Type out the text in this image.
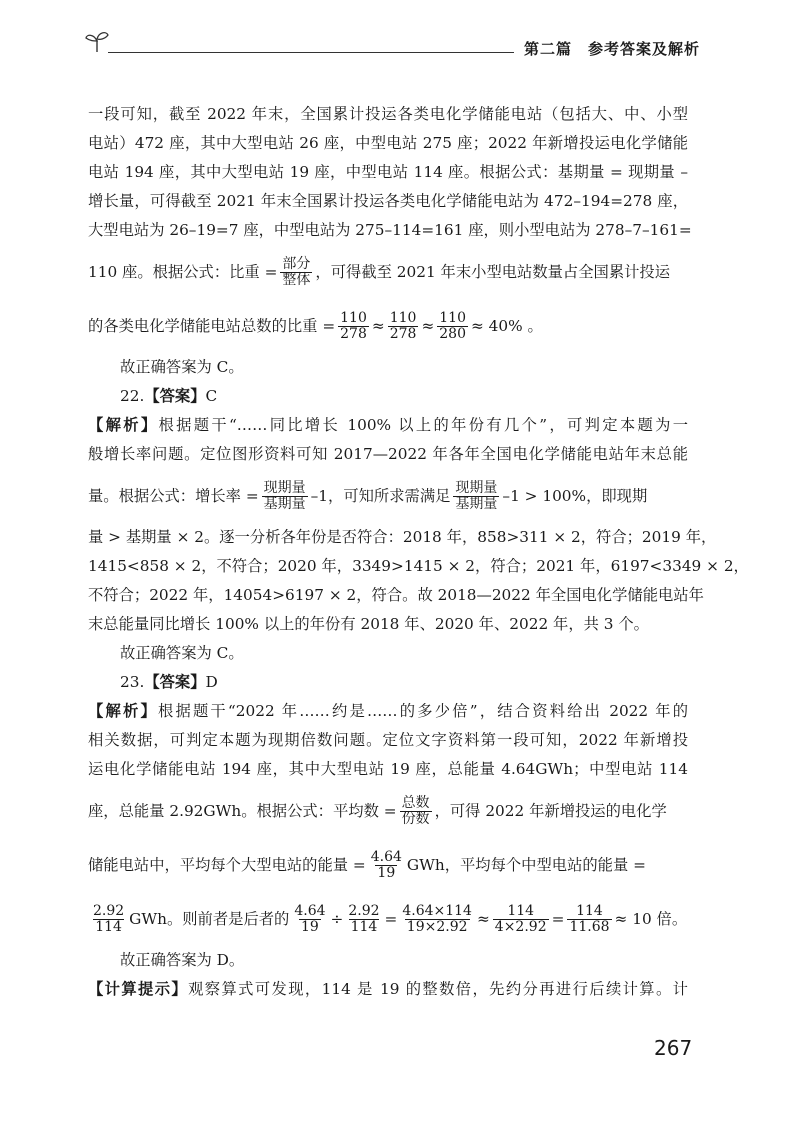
第二篇　参考答案及解析
一段可知，截至 2022 年末，全国累计投运各类电化学储能电站（包括大、中、小型
电站）472 座，其中大型电站 26 座，中型电站 275 座；2022 年新增投运电化学储能
电站 194 座，其中大型电站 19 座，中型电站 114 座。根据公式：基期量 = 现期量 –
增长量，可得截至 2021 年末全国累计投运各类电化学储能电站为 472–194=278 座，
大型电站为 26–19=7 座，中型电站为 275–114=161 座，则小型电站为 278–7–161=
110 座。根据公式：比重 = $\frac{\text{部分}}{\text{整体}}$ ，可得截至 2021 年末小型电站数量占全国累计投运
的各类电化学储能电站总数的比重 = $\frac{110}{278} \approx \frac{110}{278} \approx \frac{110}{280} \approx 40\%$ 。
故正确答案为 C。
22.【答案】C
【解析】根据题干“……同比增长 100% 以上的年份有几个”，可判定本题为一
般增长率问题。定位图形资料可知 2017—2022 年各年全国电化学储能电站年末总能
量。根据公式：增长率 = $\frac{\text{现期量}}{\text{基期量}} -1$，可知所求需满足 $\frac{\text{现期量}}{\text{基期量}} -1 > 100\%$，即现期
量 > 基期量 × 2。逐一分析各年份是否符合：2018 年，858>311 × 2，符合；2019 年，
1415<858 × 2，不符合；2020 年，3349>1415 × 2，符合；2021 年，6197<3349 × 2，
不符合；2022 年，14054>6197 × 2，符合。故 2018—2022 年全国电化学储能电站年
末总能量同比增长 100% 以上的年份有 2018 年、2020 年、2022 年，共 3 个。
故正确答案为 C。
23.【答案】D
【解析】根据题干“2022 年……约是……的多少倍”，结合资料给出 2022 年的
相关数据，可判定本题为现期倍数问题。定位文字资料第一段可知，2022 年新增投
运电化学储能电站 194 座，其中大型电站 19 座，总能量 4.64GWh；中型电站 114
座，总能量 2.92GWh。根据公式：平均数 = $\frac{\text{总数}}{\text{份数}}$ ，可得 2022 年新增投运的电化学
储能电站中，平均每个大型电站的能量 = $\frac{4.64}{19}$ GWh，平均每个中型电站的能量 =
$\frac{2.92}{114}$ GWh。则前者是后者的 $\frac{4.64}{19} \div \frac{2.92}{114} = \frac{4.64\times 114}{19\times 2.92} \approx \frac{114}{4\times 2.92} = \frac{114}{11.68} \approx 10$ 倍。
故正确答案为 D。
【计算提示】观察算式可发现，114 是 19 的整数倍，先约分再进行后续计算。计
267
